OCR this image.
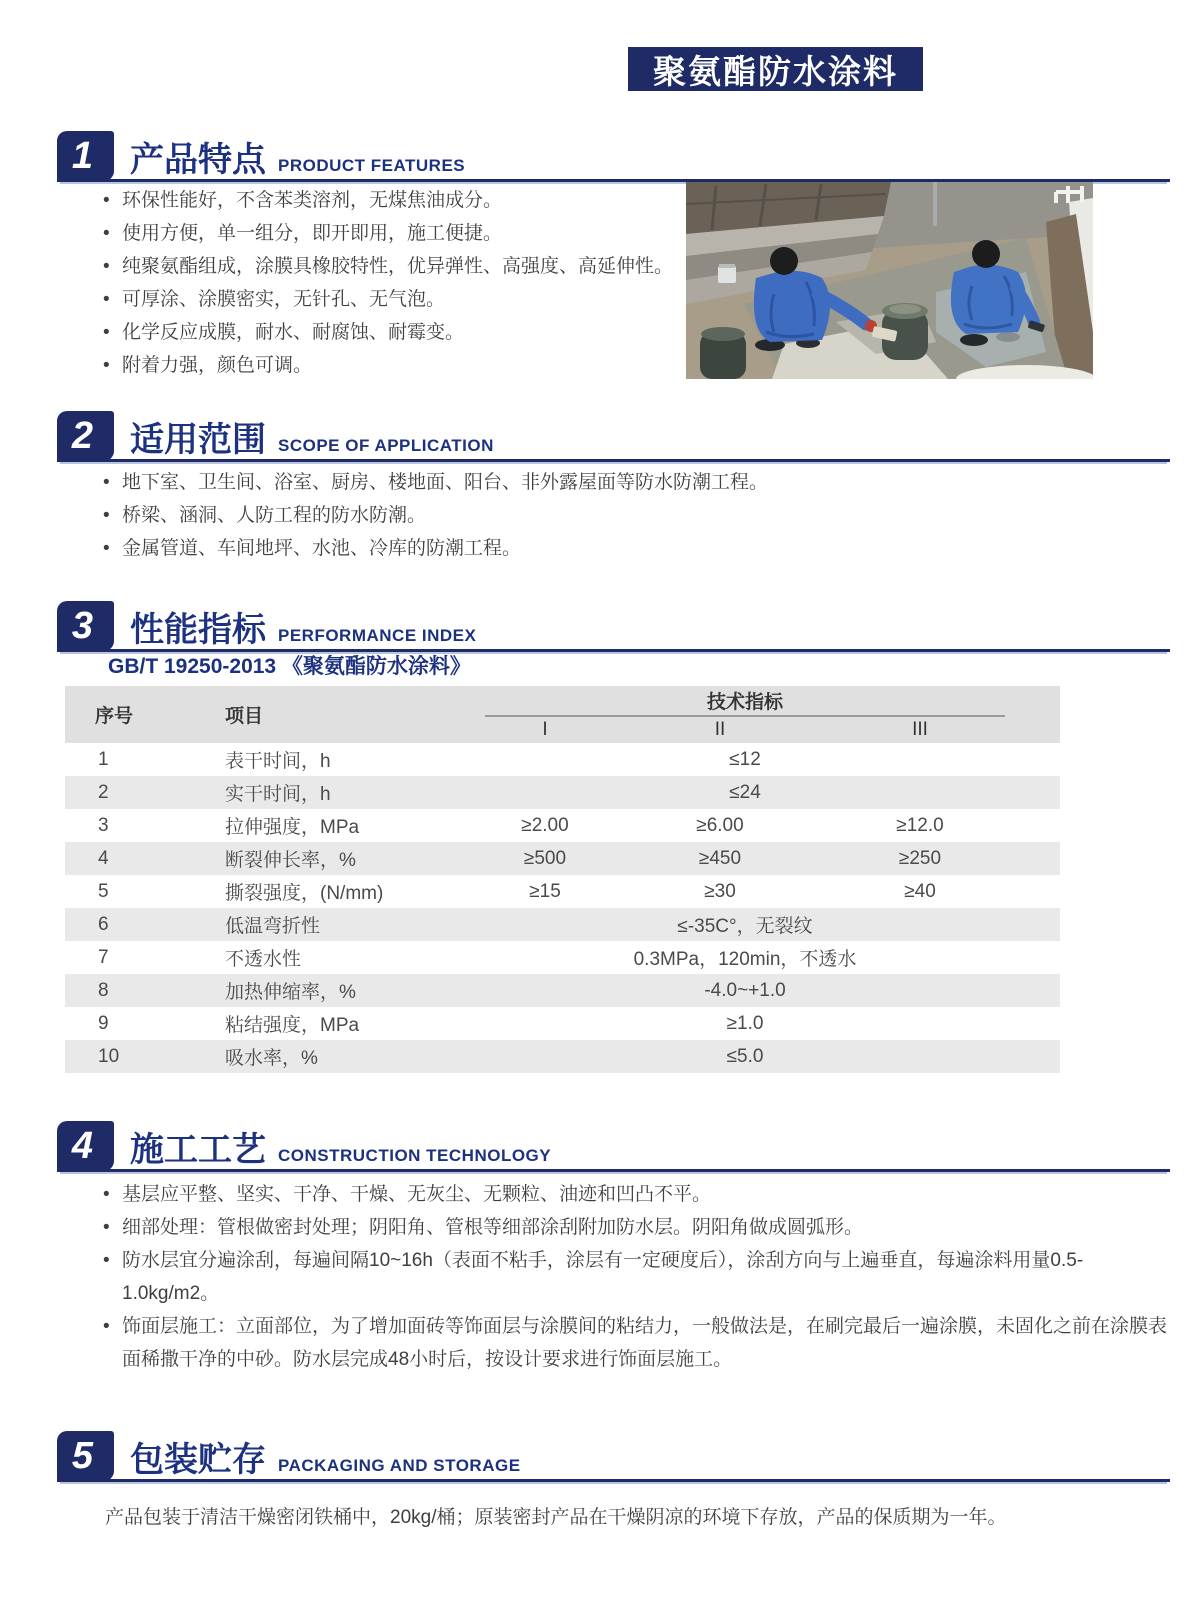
聚氨酯防水涂料
1 产品特点 PRODUCT FEATURES
• 环保性能好，不含苯类溶剂，无煤焦油成分。
• 使用方便，单一组分，即开即用，施工便捷。
• 纯聚氨酯组成，涂膜具橡胶特性，优异弹性、高强度、高延伸性。
• 可厚涂、涂膜密实，无针孔、无气泡。
• 化学反应成膜，耐水、耐腐蚀、耐霉变。
• 附着力强，颜色可调。
2 适用范围 SCOPE OF APPLICATION
• 地下室、卫生间、浴室、厨房、楼地面、阳台、非外露屋面等防水防潮工程。
• 桥梁、涵洞、人防工程的防水防潮。
• 金属管道、车间地坪、水池、冷库的防潮工程。
3 性能指标 PERFORMANCE INDEX
GB/T 19250-2013 《聚氨酯防水涂料》
序号	项目
技术指标
I	II	III
1	表干时间，h	≤12
2	实干时间，h	≤24
3	拉伸强度，MPa	≥2.00	≥6.00	≥12.0
4	断裂伸长率，%	≥500	≥450	≥250
5	撕裂强度，(N/mm)	≥15	≥30	≥40
6	低温弯折性	≤-35C°，无裂纹
7	不透水性	0.3MPa，120min，不透水
8	加热伸缩率，%	-4.0~+1.0
9	粘结强度，MPa	≥1.0
10	吸水率，%	≤5.0
4 施工工艺 CONSTRUCTION TECHNOLOGY
• 基层应平整、坚实、干净、干燥、无灰尘、无颗粒、油迹和凹凸不平。
• 细部处理：管根做密封处理；阴阳角、管根等细部涂刮附加防水层。阴阳角做成圆弧形。
• 防水层宜分遍涂刮，每遍间隔10~16h（表面不粘手，涂层有一定硬度后），涂刮方向与上遍垂直，每遍涂料用量0.5-1.0kg/m2。
• 饰面层施工：立面部位，为了增加面砖等饰面层与涂膜间的粘结力，一般做法是，在刷完最后一遍涂膜，未固化之前在涂膜表面稀撒干净的中砂。防水层完成48小时后，按设计要求进行饰面层施工。
5 包装贮存 PACKAGING AND STORAGE
产品包装于清洁干燥密闭铁桶中，20kg/桶；原装密封产品在干燥阴凉的环境下存放，产品的保质期为一年。
